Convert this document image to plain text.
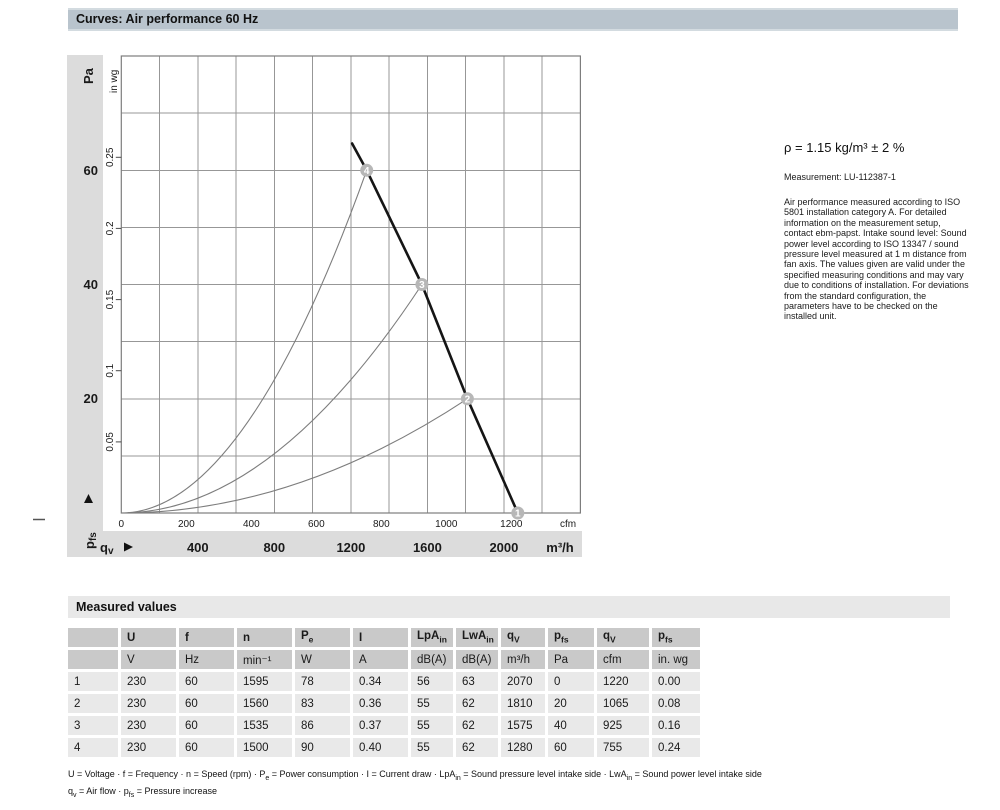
Curves: Air performance 60 Hz
Pa in wg
60
40
20
0.25
0.2
0.15
0.1
0.05
pfs
0	200	400	600	800	1000	1200	cfm
qv	400	800	1200	1600	2000 m³/h
1
2
3
4
ρ = 1.15 kg/m³ ± 2 %
Measurement: LU-112387-1
Air performance measured according to ISO 5801 installation category A. For detailed information on the measurement setup, contact ebm-papst. Intake sound level: Sound power level according to ISO 13347 / sound pressure level measured at 1 m distance from fan axis. The values given are valid under the specified measuring conditions and may vary due to conditions of installation. For deviations from the standard configuration, the parameters have to be checked on the installed unit.
Measured values
	U	f	n	$P_e$	I	LpA$_{in}$	LwA$_{in}$	$q_V$	$p_{fs}$	$q_V$	$p_{fs}$
	V	Hz	min⁻¹	W	A	dB(A)	dB(A)	m³/h	Pa	cfm	in. wg
1	230	60	1595	78	0.34	56	63	2070	0	1220	0.00
2	230	60	1560	83	0.36	55	62	1810	20	1065	0.08
3	230	60	1535	86	0.37	55	62	1575	40	925	0.16
4	230	60	1500	90	0.40	55	62	1280	60	755	0.24
U = Voltage · f = Frequency · n = Speed $(rpm) \cdot P_e$ = Power consumption · I = Current draw · LpA$_{in}$ = Sound pressure level intake side · LwA$_{in}$ = Sound power level intake side
$q_v$ = Air flow · $p_{fs}$ = Pressure increase
